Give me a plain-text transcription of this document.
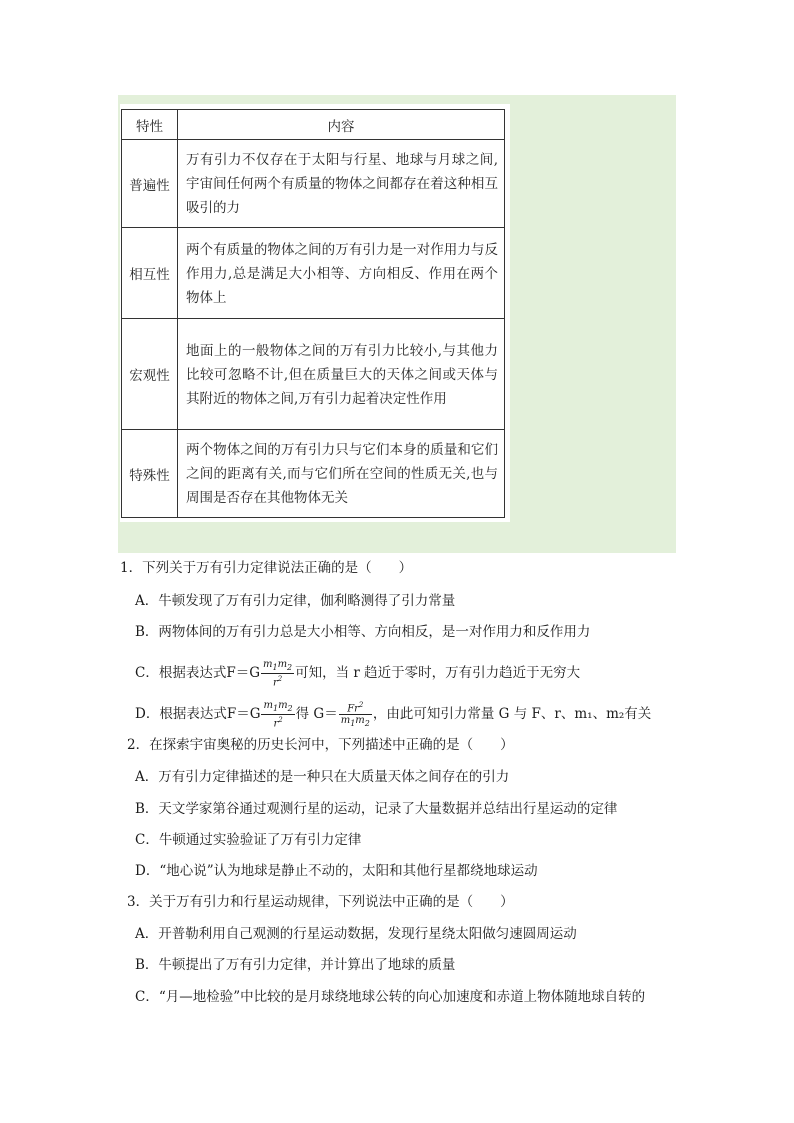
特性	内容
普遍性	万有引力不仅存在于太阳与行星、地球与月球之间,宇宙间任何两个有质量的物体之间都存在着这种相互吸引的力
相互性	两个有质量的物体之间的万有引力是一对作用力与反作用力,总是满足大小相等、方向相反、作用在两个物体上
宏观性	地面上的一般物体之间的万有引力比较小,与其他力比较可忽略不计,但在质量巨大的天体之间或天体与其附近的物体之间,万有引力起着决定性作用
特殊性	两个物体之间的万有引力只与它们本身的质量和它们之间的距离有关,而与它们所在空间的性质无关,也与周围是否存在其他物体无关
1．下列关于万有引力定律说法正确的是（　　）
A．牛顿发现了万有引力定律，伽利略测得了引力常量
B．两物体间的万有引力总是大小相等、方向相反，是一对作用力和反作用力
C．根据表达式$F=G \frac{m_1m_2}{r^2}$ 可知，当 r 趋近于零时，万有引力趋近于无穷大
D．根据表达式$F=G \frac{m_1m_2}{r^2}$ 得 $G= \frac{Fr^2}{m_1m_2}$ ，由此可知引力常量 G 与 F、r、m₁、m₂有关
2．在探索宇宙奥秘的历史长河中，下列描述中正确的是（　　）
A．万有引力定律描述的是一种只在大质量天体之间存在的引力
B．天文学家第谷通过观测行星的运动，记录了大量数据并总结出行星运动的定律
C．牛顿通过实验验证了万有引力定律
D．“地心说”认为地球是静止不动的，太阳和其他行星都绕地球运动
3．关于万有引力和行星运动规律，下列说法中正确的是（　　）
A．开普勒利用自己观测的行星运动数据，发现行星绕太阳做匀速圆周运动
B．牛顿提出了万有引力定律，并计算出了地球的质量
C．“月—地检验”中比较的是月球绕地球公转的向心加速度和赤道上物体随地球自转的
